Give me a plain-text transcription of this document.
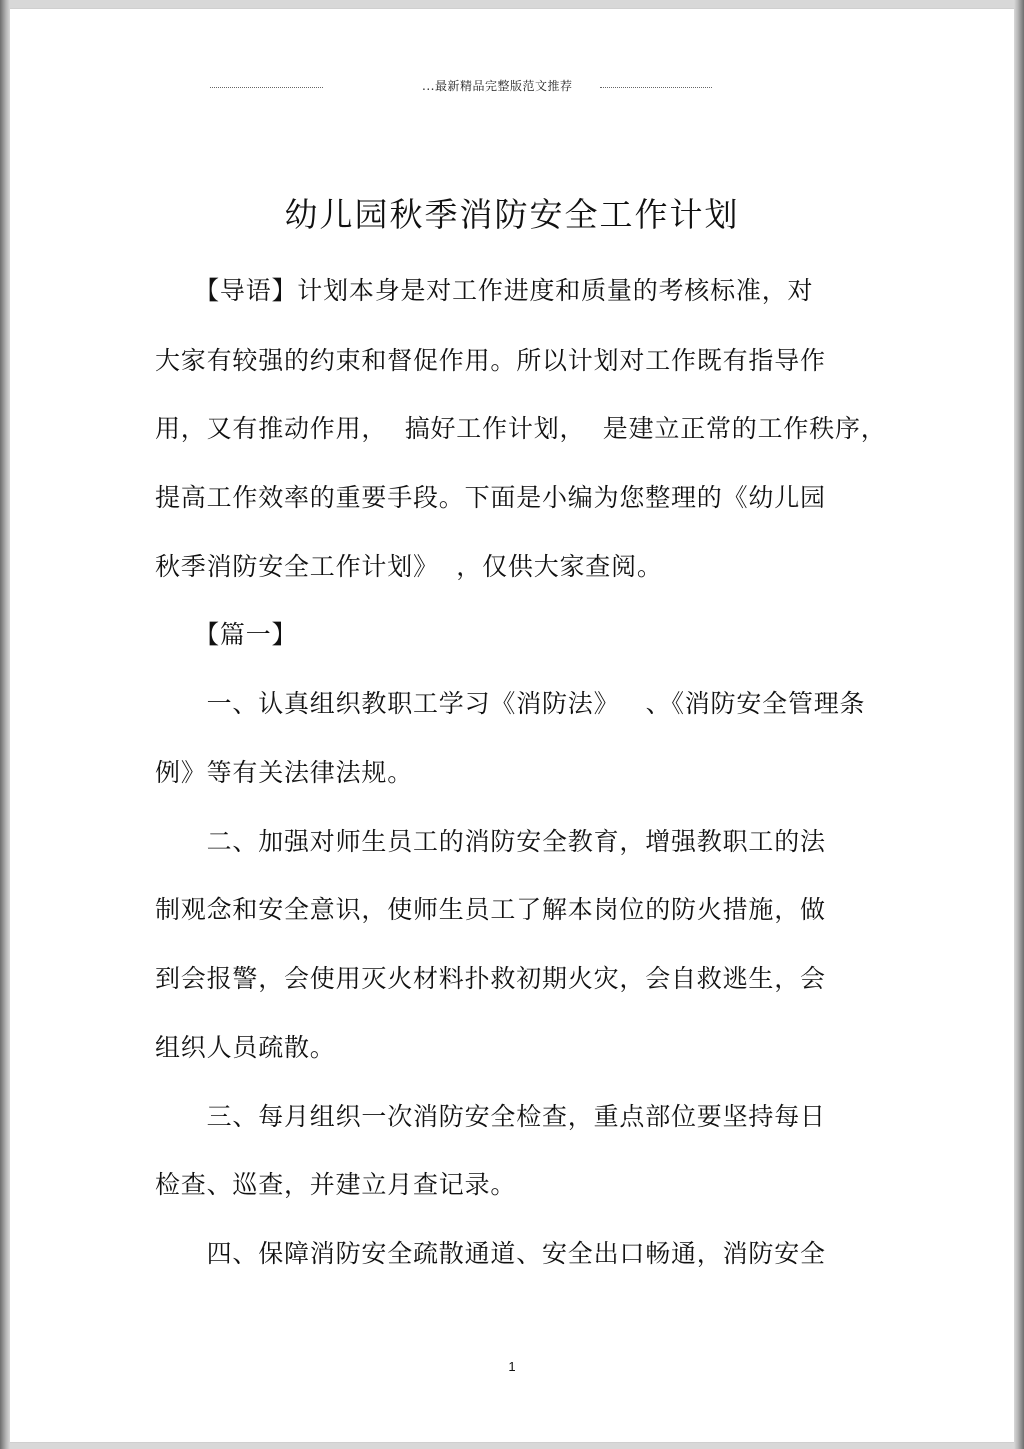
...最新精品完整版范文推荐
幼儿园秋季消防安全工作计划
　　【导语】计划本身是对工作进度和质量的考核标准，对
大家有较强的约束和督促作用。所以计划对工作既有指导作
用，又有推动作用，  搞好工作计划，  是建立正常的工作秩序，
提高工作效率的重要手段。下面是小编为您整理的《幼儿园
秋季消防安全工作计划》  ，仅供大家查阅。
　　【篇一】
　　一、认真组织教职工学习《消防法》   、《消防安全管理条
例》等有关法律法规。
　　二、加强对师生员工的消防安全教育，增强教职工的法
制观念和安全意识，使师生员工了解本岗位的防火措施，做
到会报警，会使用灭火材料扑救初期火灾，会自救逃生，会
组织人员疏散。
　　三、每月组织一次消防安全检查，重点部位要坚持每日
检查、巡查，并建立月查记录。
　　四、保障消防安全疏散通道、安全出口畅通，消防安全
1
